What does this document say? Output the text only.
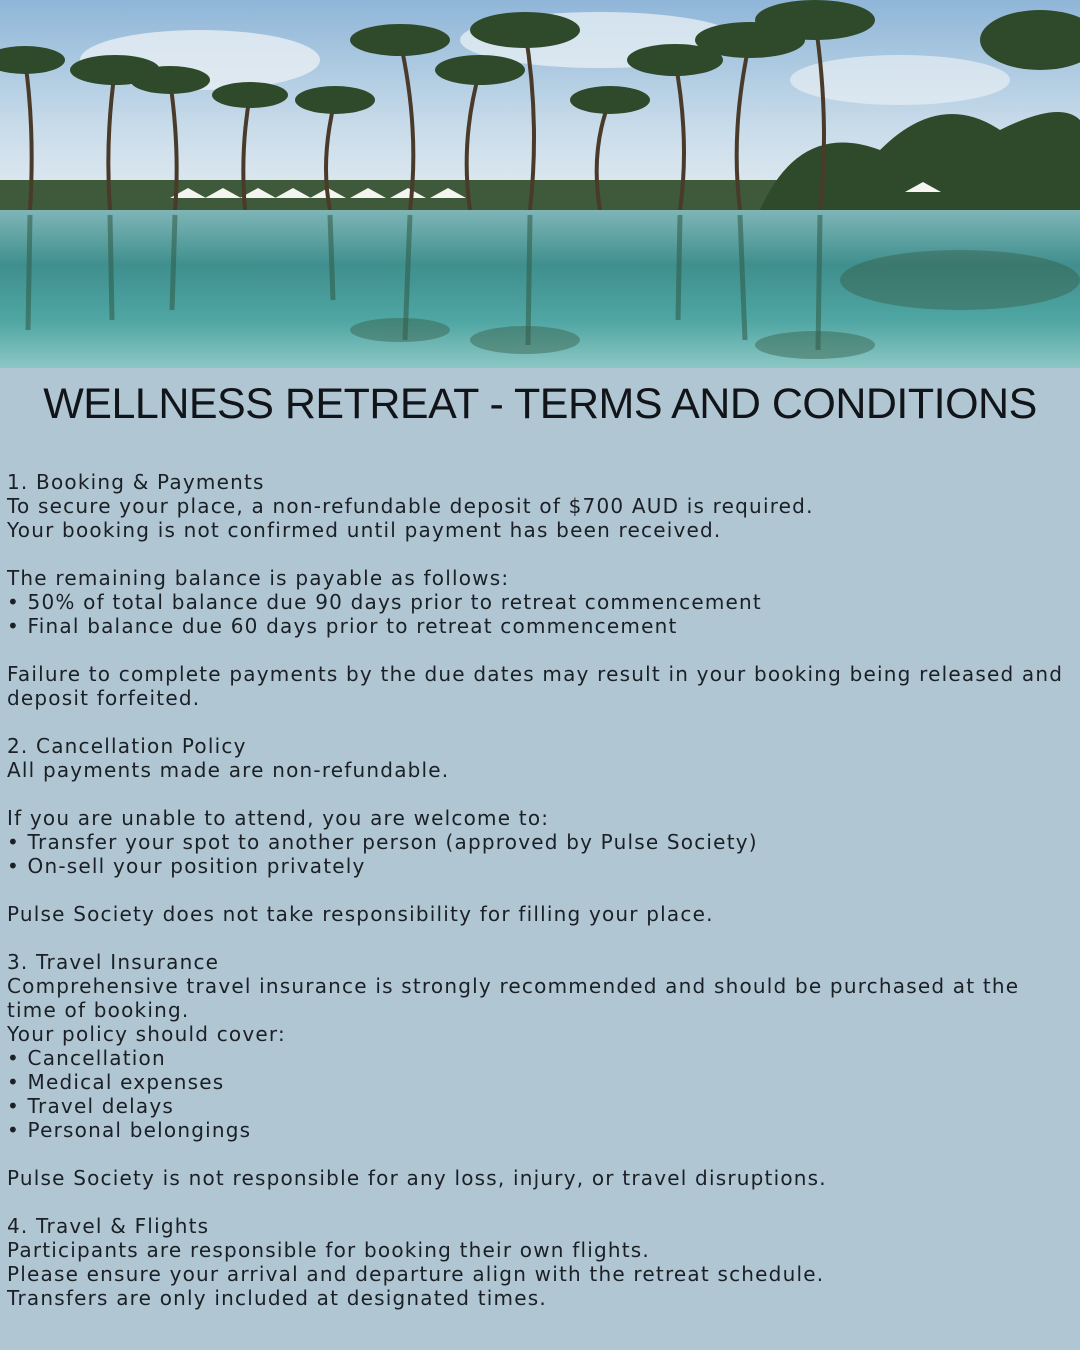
WELLNESS RETREAT - TERMS AND CONDITIONS

1. Booking & Payments

To secure your place, a non-refundable deposit of $700 AUD is required.

Your booking is not confirmed until payment has been received.

The remaining balance is payable as follows:

• 50% of total balance due 90 days prior to retreat commencement

• Final balance due 60 days prior to retreat commencement

Failure to complete payments by the due dates may result in your booking being released and deposit forfeited.

2. Cancellation Policy

All payments made are non-refundable.

If you are unable to attend, you are welcome to:

• Transfer your spot to another person (approved by Pulse Society)

• On-sell your position privately

Pulse Society does not take responsibility for filling your place.

3. Travel Insurance

Comprehensive travel insurance is strongly recommended and should be purchased at the time of booking.

Your policy should cover:

• Cancellation

• Medical expenses

• Travel delays

• Personal belongings

Pulse Society is not responsible for any loss, injury, or travel disruptions.

4. Travel & Flights

Participants are responsible for booking their own flights.

Please ensure your arrival and departure align with the retreat schedule.

Transfers are only included at designated times.
